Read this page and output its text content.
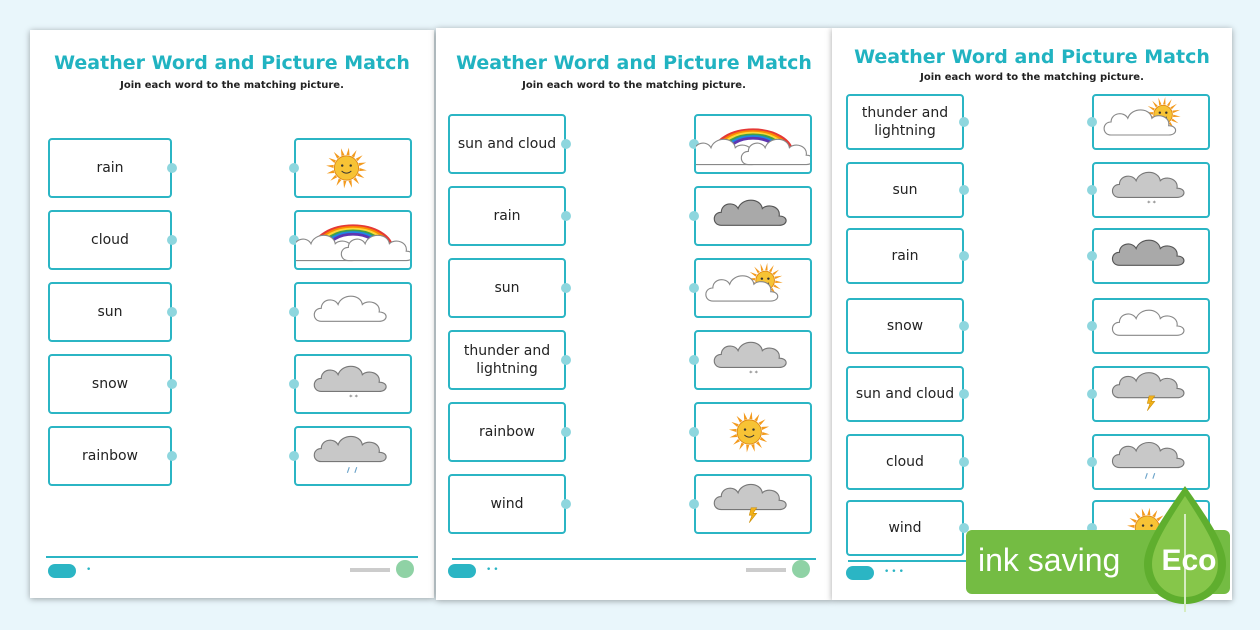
Weather Word and Picture Match
Join each word to the matching picture.
rain
cloud
sun
snow
rainbow
* *
•
Weather Word and Picture Match
Join each word to the matching picture.
sun and cloud
rain
sun
thunder and lightning
rainbow
wind
* *
••
Weather Word and Picture Match
Join each word to the matching picture.
thunder and lightning
sun
rain
snow
sun and cloud
cloud
wind
* *
••• ink saving Eco
